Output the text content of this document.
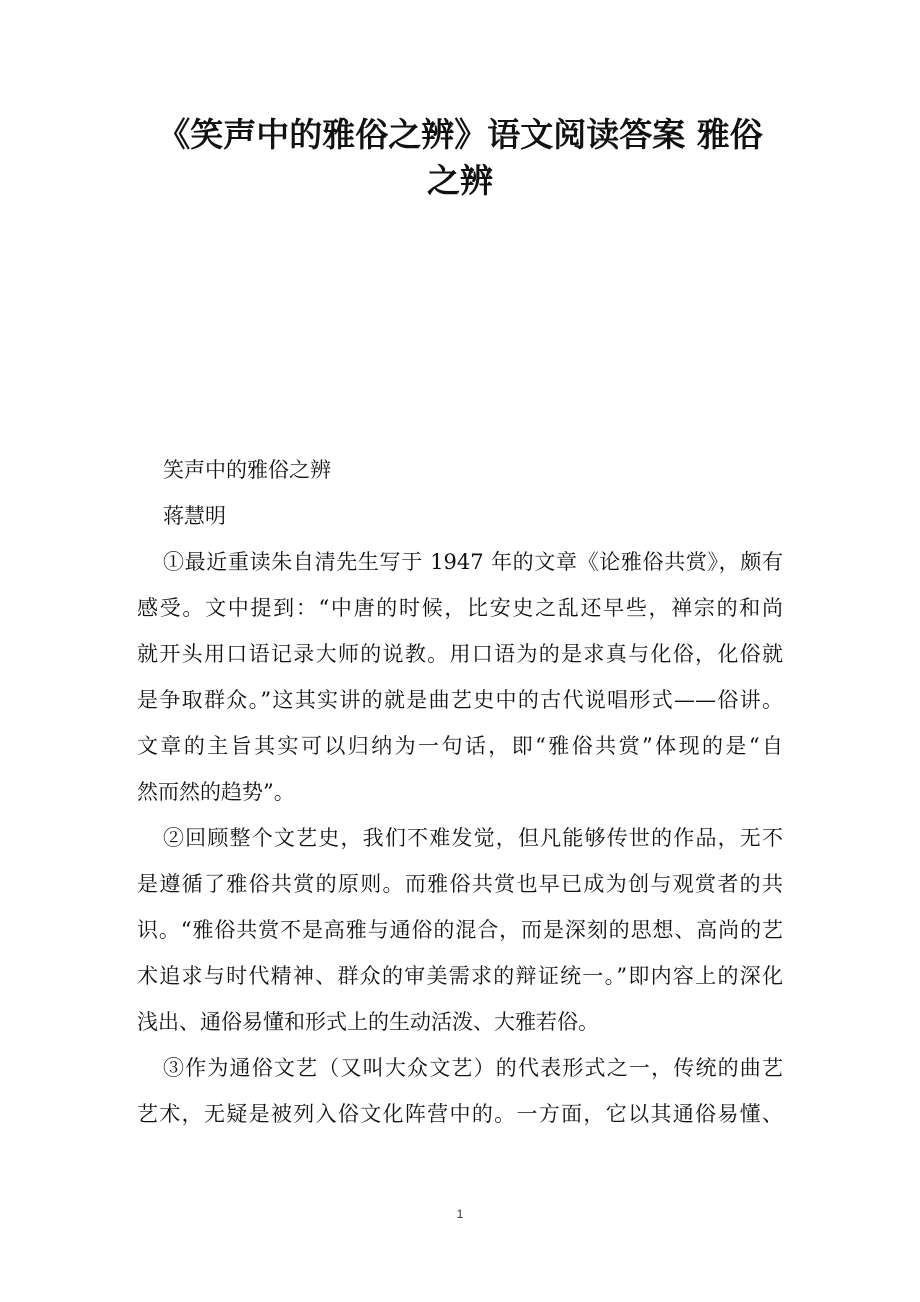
《笑声中的雅俗之辨》语文阅读答案 雅俗
之辨
笑声中的雅俗之辨
蒋慧明
①最近重读朱自清先生写于 1947 年的文章《论雅俗共赏》，颇有
感受。文中提到：“中唐的时候，比安史之乱还早些，禅宗的和尚
就开头用口语记录大师的说教。用口语为的是求真与化俗，化俗就
是争取群众。”这其实讲的就是曲艺史中的古代说唱形式——俗讲。
文章的主旨其实可以归纳为一句话，即“雅俗共赏”体现的是“自
然而然的趋势”。
②回顾整个文艺史，我们不难发觉，但凡能够传世的作品，无不
是遵循了雅俗共赏的原则。而雅俗共赏也早已成为创与观赏者的共
识。“雅俗共赏不是高雅与通俗的混合，而是深刻的思想、高尚的艺
术追求与时代精神、群众的审美需求的辩证统一。”即内容上的深化
浅出、通俗易懂和形式上的生动活泼、大雅若俗。
③作为通俗文艺（又叫大众文艺）的代表形式之一，传统的曲艺
艺术，无疑是被列入俗文化阵营中的。一方面，它以其通俗易懂、
1
